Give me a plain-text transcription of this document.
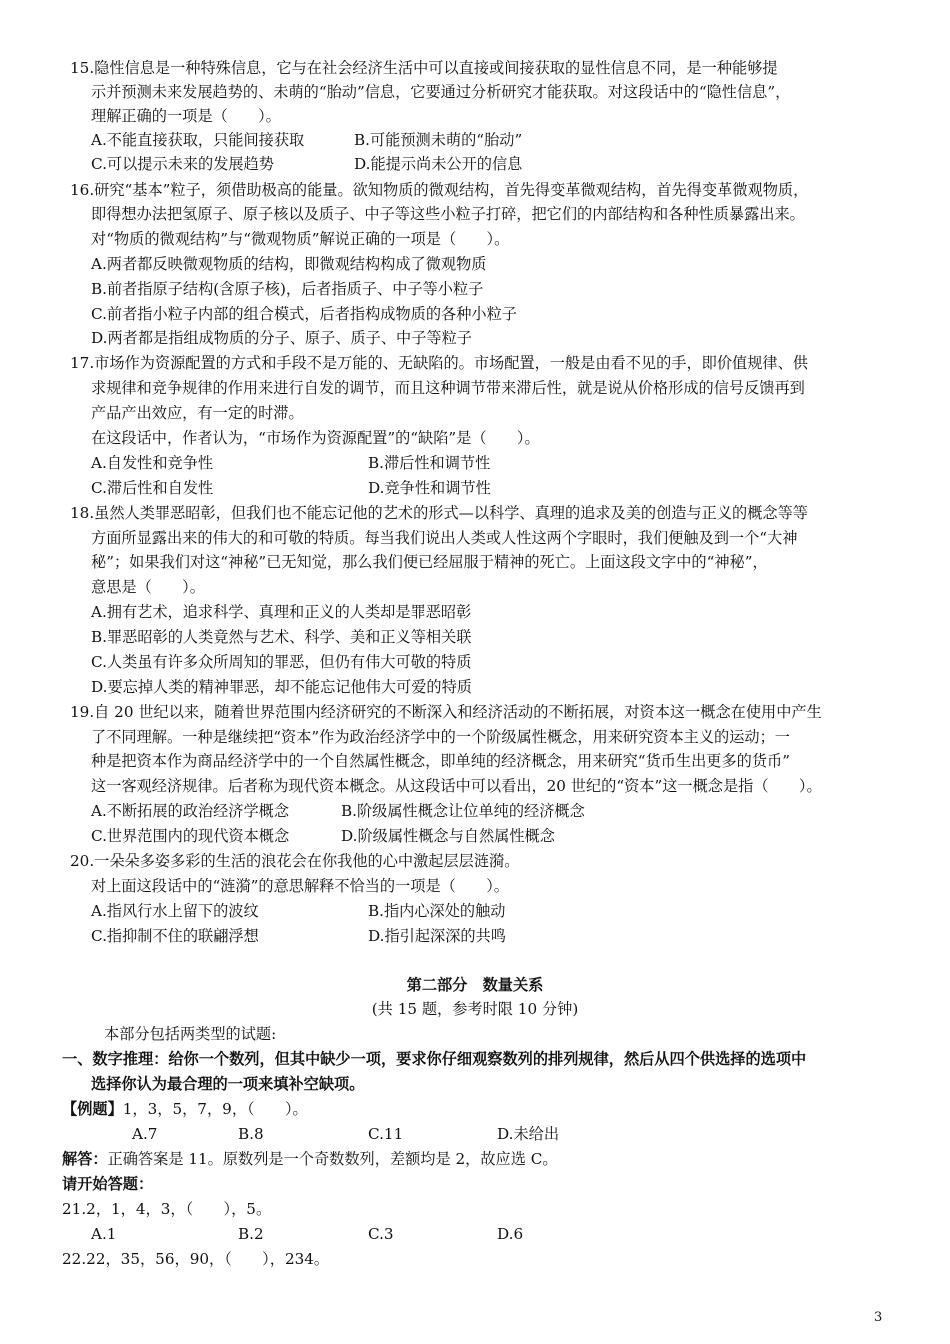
15.隐性信息是一种特殊信息，它与在社会经济生活中可以直接或间接获取的显性信息不同，是一种能够提
示并预测未来发展趋势的、未萌的“胎动”信息，它要通过分析研究才能获取。对这段话中的“隐性信息”，
理解正确的一项是（　　）。
A.不能直接获取，只能间接获取	B.可能预测未萌的“胎动”
C.可以提示未来的发展趋势	D.能提示尚未公开的信息
16.研究“基本”粒子，须借助极高的能量。欲知物质的微观结构，首先得变革微观结构，首先得变革微观物质，
即得想办法把氢原子、原子核以及质子、中子等这些小粒子打碎，把它们的内部结构和各种性质暴露出来。
对“物质的微观结构”与“微观物质”解说正确的一项是（　　）。
A.两者都反映微观物质的结构，即微观结构构成了微观物质
B.前者指原子结构(含原子核)，后者指质子、中子等小粒子
C.前者指小粒子内部的组合模式，后者指构成物质的各种小粒子
D.两者都是指组成物质的分子、原子、质子、中子等粒子
17.市场作为资源配置的方式和手段不是万能的、无缺陷的。市场配置，一般是由看不见的手，即价值规律、供
求规律和竞争规律的作用来进行自发的调节，而且这种调节带来滞后性，就是说从价格形成的信号反馈再到
产品产出效应，有一定的时滞。
在这段话中，作者认为，“市场作为资源配置”的“缺陷”是（　　）。
A.自发性和竞争性	B.滞后性和调节性
C.滞后性和自发性	D.竞争性和调节性
18.虽然人类罪恶昭彰，但我们也不能忘记他的艺术的形式—以科学、真理的追求及美的创造与正义的概念等等
方面所显露出来的伟大的和可敬的特质。每当我们说出人类或人性这两个字眼时，我们便触及到一个“大神
秘”；如果我们对这“神秘”已无知觉，那么我们便已经屈服于精神的死亡。上面这段文字中的“神秘”，
意思是（　　）。
A.拥有艺术，追求科学、真理和正义的人类却是罪恶昭彰
B.罪恶昭彰的人类竟然与艺术、科学、美和正义等相关联
C.人类虽有许多众所周知的罪恶，但仍有伟大可敬的特质
D.要忘掉人类的精神罪恶，却不能忘记他伟大可爱的特质
19.自 20 世纪以来，随着世界范围内经济研究的不断深入和经济活动的不断拓展，对资本这一概念在使用中产生
了不同理解。一种是继续把“资本”作为政治经济学中的一个阶级属性概念，用来研究资本主义的运动；一
种是把资本作为商品经济学中的一个自然属性概念，即单纯的经济概念，用来研究“货币生出更多的货币”
这一客观经济规律。后者称为现代资本概念。从这段话中可以看出，20 世纪的“资本”这一概念是指（　　）。
A.不断拓展的政治经济学概念	B.阶级属性概念让位单纯的经济概念
C.世界范围内的现代资本概念	D.阶级属性概念与自然属性概念
20.一朵朵多姿多彩的生活的浪花会在你我他的心中激起层层涟漪。
对上面这段话中的“涟漪”的意思解释不恰当的一项是（　　）。
A.指风行水上留下的波纹	B.指内心深处的触动
C.指抑制不住的联翩浮想	D.指引起深深的共鸣
第二部分　数量关系
(共 15 题，参考时限 10 分钟)
本部分包括两类型的试题:
一、数字推理：给你一个数列，但其中缺少一项，要求你仔细观察数列的排列规律，然后从四个供选择的选项中
选择你认为最合理的一项来填补空缺项。
【例题】1，3，5，7，9，（　　）。
A.7	B.8	C.11	D.未给出
解答：正确答案是 11。原数列是一个奇数数列，差额均是 2，故应选 C。
请开始答题：
21.2，1，4，3，（　　），5。
A.1	B.2	C.3	D.6
22.22，35，56，90，（　　），234。
3
